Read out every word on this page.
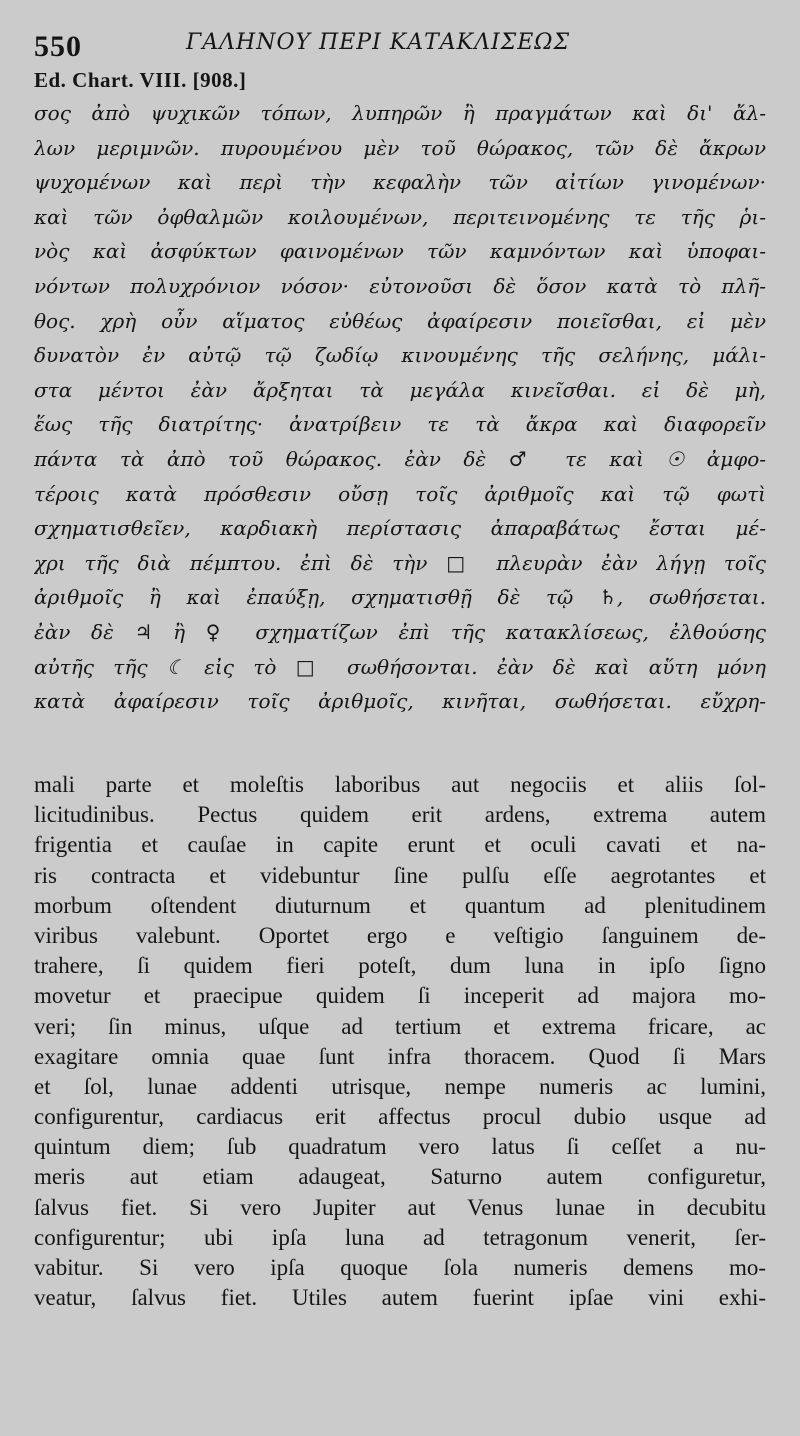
550	ΓΑΛΗΝΟΥ ΠΕΡΙ ΚΑΤΑΚΛΙΣΕΩΣ
Ed. Chart. VIII. [908.]
σος ἀπὸ ψυχικῶν τόπων, λυπηρῶν ἢ πραγμάτων καὶ δι' ἄλ-
λων μεριμνῶν. πυρουμένου μὲν τοῦ θώρακος, τῶν δὲ ἄκρων
ψυχομένων καὶ περὶ τὴν κεφαλὴν τῶν αἰτίων γινομένων·
καὶ τῶν ὀφθαλμῶν κοιλουμένων, περιτεινομένης τε τῆς ῥι-
νὸς καὶ ἀσφύκτων φαινομένων τῶν καμνόντων καὶ ὑποφαι-
νόντων πολυχρόνιον νόσον· εὐτονοῦσι δὲ ὅσον κατὰ τὸ πλῆ-
θος. χρὴ οὖν αἵματος εὐθέως ἀφαίρεσιν ποιεῖσθαι, εἰ μὲν
δυνατὸν ἐν αὐτῷ τῷ ζωδίῳ κινουμένης τῆς σελήνης, μάλι-
στα μέντοι ἐὰν ἄρξηται τὰ μεγάλα κινεῖσθαι. εἰ δὲ μὴ,
ἕως τῆς διατρίτης· ἀνατρίβειν τε τὰ ἄκρα καὶ διαφορεῖν
πάντα τὰ ἀπὸ τοῦ θώρακος. ἐὰν δὲ ♂ τε καὶ ☉ ἀμφο-
τέροις κατὰ πρόσθεσιν οὔσῃ τοῖς ἀριθμοῖς καὶ τῷ φωτὶ
σχηματισθεῖεν, καρδιακὴ περίστασις ἀπαραβάτως ἔσται μέ-
χρι τῆς διὰ πέμπτου. ἐπὶ δὲ τὴν □ πλευρὰν ἐὰν λήγῃ τοῖς
ἀριθμοῖς ἢ καὶ ἐπαύξῃ, σχηματισθῇ δὲ τῷ ♄, σωθήσεται.
ἐὰν δὲ ♃ ἢ ♀ σχηματίζων ἐπὶ τῆς κατακλίσεως, ἐλθούσης
αὐτῆς τῆς ☾ εἰς τὸ □ σωθήσονται. ἐὰν δὲ καὶ αὕτη μόνη
κατὰ ἀφαίρεσιν τοῖς ἀριθμοῖς, κινῆται, σωθήσεται. εὔχρη-
mali parte et moleſtis laboribus aut negociis et aliis ſol-
licitudinibus. Pectus quidem erit ardens, extrema autem
frigentia et cauſae in capite erunt et oculi cavati et na-
ris contracta et videbuntur ſine pulſu eſſe aegrotantes et
morbum oſtendent diuturnum et quantum ad plenitudinem
viribus valebunt. Oportet ergo e veſtigio ſanguinem de-
trahere, ſi quidem fieri poteſt, dum luna in ipſo ſigno
movetur et praecipue quidem ſi inceperit ad majora mo-
veri; ſin minus, uſque ad tertium et extrema fricare, ac
exagitare omnia quae ſunt infra thoracem. Quod ſi Mars
et ſol, lunae addenti utrisque, nempe numeris ac lumini,
configurentur, cardiacus erit affectus procul dubio usque ad
quintum diem; ſub quadratum vero latus ſi ceſſet a nu-
meris aut etiam adaugeat, Saturno autem configuretur,
ſalvus fiet. Si vero Jupiter aut Venus lunae in decubitu
configurentur; ubi ipſa luna ad tetragonum venerit, ſer-
vabitur. Si vero ipſa quoque ſola numeris demens mo-
veatur, ſalvus fiet. Utiles autem fuerint ipſae vini exhi-
